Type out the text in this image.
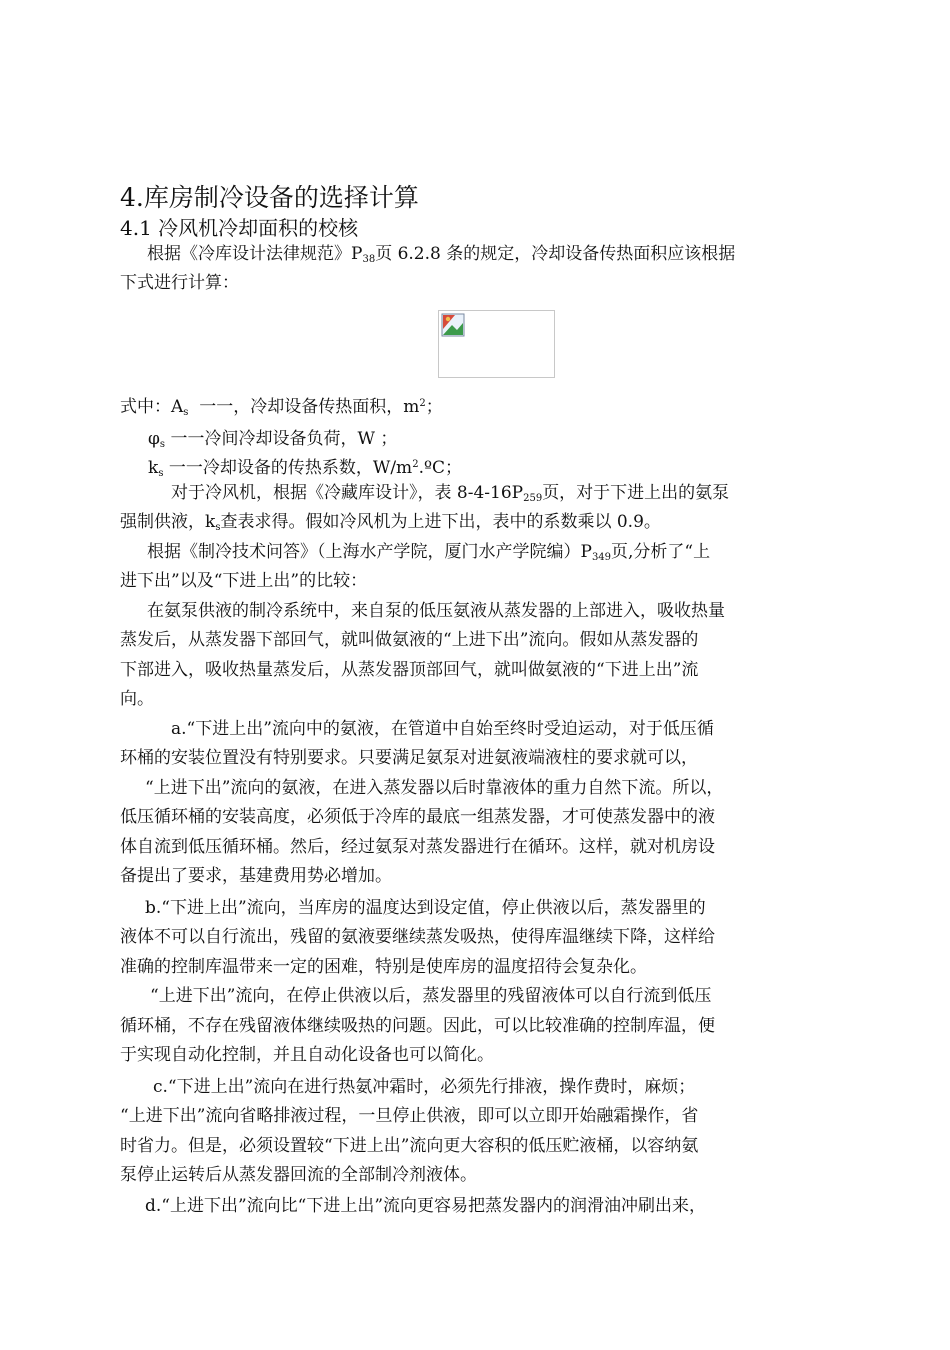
4.库房制冷设备的选择计算
4.1 冷风机冷却面积的校核
根据《冷库设计法律规范》$P_{38}$页 6.2.8 条的规定，冷却设备传热面积应该根据
下式进行计算：
式中：$A_s$  一一，冷却设备传热面积，$m^2$；
$\varphi_s$ 一一冷间冷却设备负荷，W ；
$k_s$ 一一冷却设备的传热系数，$W/m^2.ºC$；
对于冷风机，根据《冷藏库设计》，表 $8-4-16P_{259}$页，对于下进上出的氨泵
强制供液，$k_s$查表求得。假如冷风机为上进下出，表中的系数乘以 0.9。
根据《制冷技术问答》（上海水产学院，厦门水产学院编）$P_{349}$页,分析了“上
进下出”以及“下进上出”的比较：
在氨泵供液的制冷系统中，来自泵的低压氨液从蒸发器的上部进入，吸收热量
蒸发后，从蒸发器下部回气，就叫做氨液的“上进下出”流向。假如从蒸发器的
下部进入，吸收热量蒸发后，从蒸发器顶部回气，就叫做氨液的“下进上出”流
向。
a.“下进上出”流向中的氨液，在管道中自始至终时受迫运动，对于低压循
环桶的安装位置没有特别要求。只要满足氨泵对进氨液端液柱的要求就可以，
“上进下出”流向的氨液，在进入蒸发器以后时靠液体的重力自然下流。所以，
低压循环桶的安装高度，必须低于冷库的最底一组蒸发器，才可使蒸发器中的液
体自流到低压循环桶。然后，经过氨泵对蒸发器进行在循环。这样，就对机房设
备提出了要求，基建费用势必增加。
b.“下进上出”流向，当库房的温度达到设定值，停止供液以后，蒸发器里的
液体不可以自行流出，残留的氨液要继续蒸发吸热，使得库温继续下降，这样给
准确的控制库温带来一定的困难，特别是使库房的温度招待会复杂化。
“上进下出”流向，在停止供液以后，蒸发器里的残留液体可以自行流到低压
循环桶，不存在残留液体继续吸热的问题。因此，可以比较准确的控制库温，便
于实现自动化控制，并且自动化设备也可以简化。
c.“下进上出”流向在进行热氨冲霜时，必须先行排液，操作费时，麻烦；
“上进下出”流向省略排液过程，一旦停止供液，即可以立即开始融霜操作，省
时省力。但是，必须设置较“下进上出”流向更大容积的低压贮液桶，以容纳氨
泵停止运转后从蒸发器回流的全部制冷剂液体。
d.“上进下出”流向比“下进上出”流向更容易把蒸发器内的润滑油冲刷出来，
